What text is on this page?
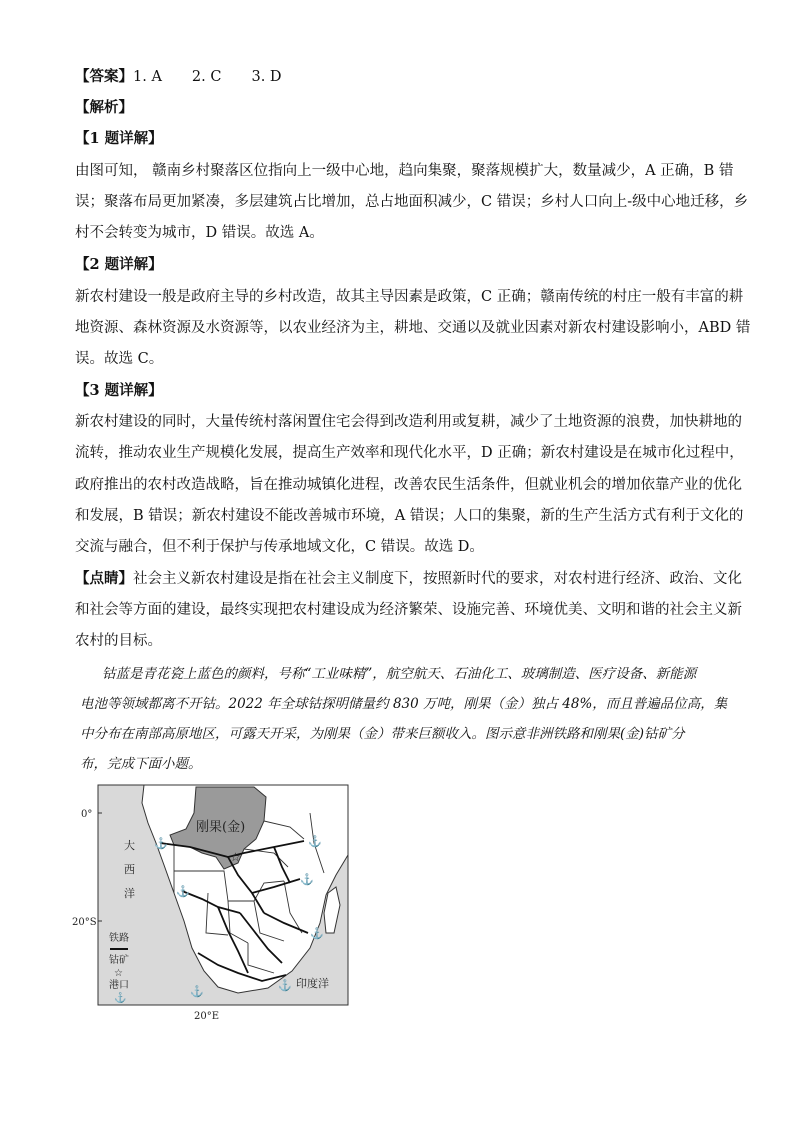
【答案】1. A 2. C 3. D
【解析】
【1 题详解】
由图可知， 赣南乡村聚落区位指向上一级中心地，趋向集聚，聚落规模扩大，数量减少，A 正确，B 错
误；聚落布局更加紧凑，多层建筑占比增加，总占地面积减少，C 错误；乡村人口向上-级中心地迁移，乡
村不会转变为城市，D 错误。故选 A。
【2 题详解】
新农村建设一般是政府主导的乡村改造，故其主导因素是政策，C 正确；赣南传统的村庄一般有丰富的耕
地资源、森林资源及水资源等，以农业经济为主，耕地、交通以及就业因素对新农村建设影响小，ABD 错
误。故选 C。
【3 题详解】
新农村建设的同时，大量传统村落闲置住宅会得到改造利用或复耕，减少了土地资源的浪费，加快耕地的
流转，推动农业生产规模化发展，提高生产效率和现代化水平，D 正确；新农村建设是在城市化过程中，
政府推出的农村改造战略，旨在推动城镇化进程，改善农民生活条件，但就业机会的增加依靠产业的优化
和发展，B 错误；新农村建设不能改善城市环境，A 错误；人口的集聚，新的生产生活方式有利于文化的
交流与融合，但不利于保护与传承地域文化，C 错误。故选 D。
【点睛】社会主义新农村建设是指在社会主义制度下，按照新时代的要求，对农村进行经济、政治、文化
和社会等方面的建设，最终实现把农村建设成为经济繁荣、设施完善、环境优美、文明和谐的社会主义新
农村的目标。
钴蓝是青花瓷上蓝色的颜料，号称“工业味精”，航空航天、石油化工、玻璃制造、医疗设备、新能源
电池等领域都离不开钴。2022 年全球钴探明储量约 830 万吨，刚果（金）独占 48%，而且普遍品位高，集
中分布在南部高原地区，可露天开采，为刚果（金）带来巨额收入。图示意非洲铁路和刚果(金)钴矿分
布，完成下面小题。
刚果(金)
☆
⚓	⚓
⚓
⚓
⚓	⚓
⚓
0°
20°S
20°E
大
西
洋
印度洋
铁路
钴矿
☆
港口
⚓
